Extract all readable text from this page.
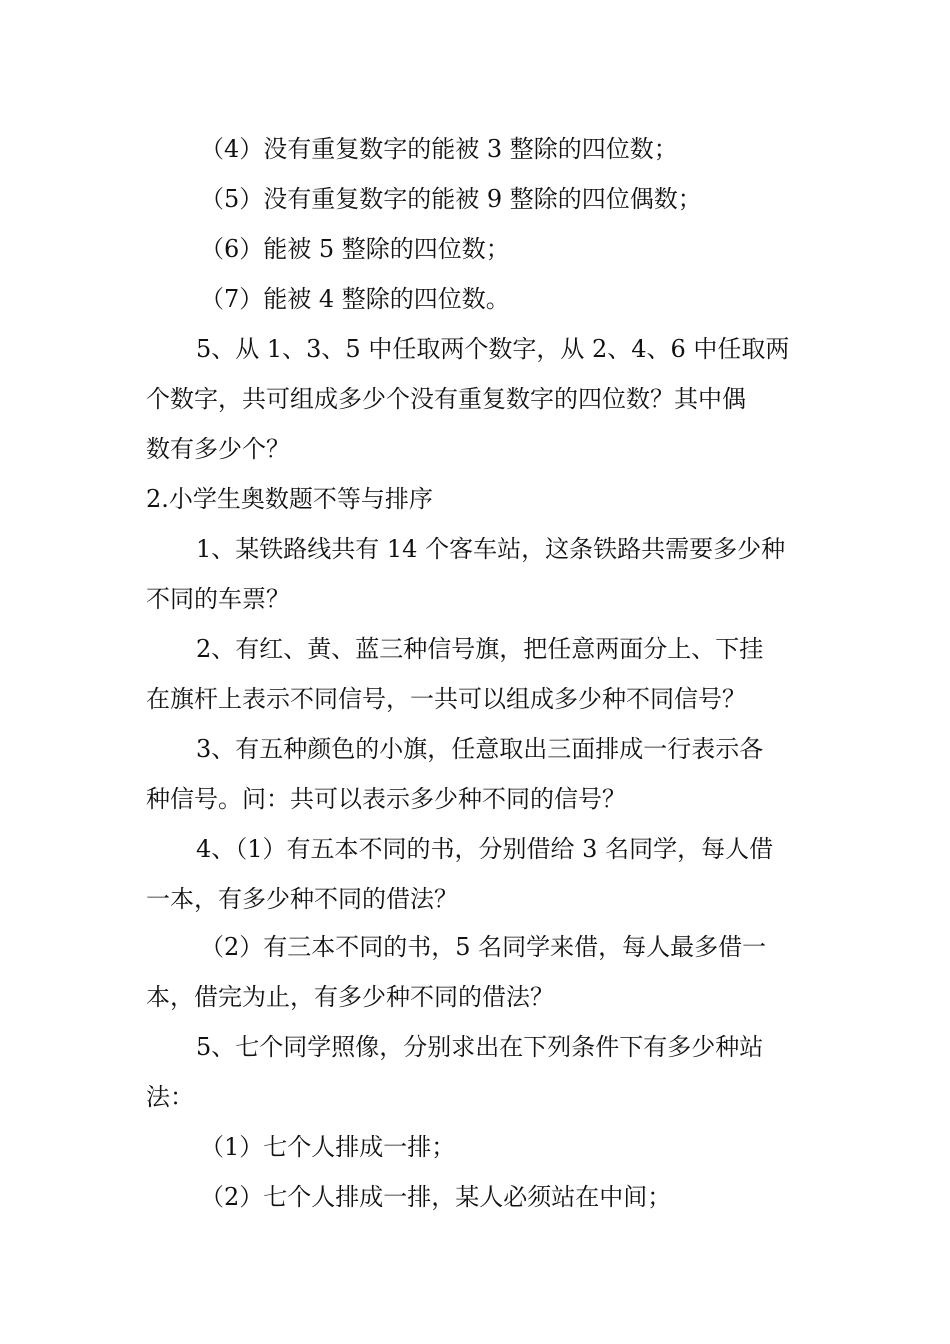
（4）没有重复数字的能被 3 整除的四位数；
（5）没有重复数字的能被 9 整除的四位偶数；
（6）能被 5 整除的四位数；
（7）能被 4 整除的四位数。
5、从 1、3、5 中任取两个数字，从 2、4、6 中任取两
个数字，共可组成多少个没有重复数字的四位数？其中偶
数有多少个？
2.小学生奥数题不等与排序
1、某铁路线共有 14 个客车站，这条铁路共需要多少种
不同的车票？
2、有红、黄、蓝三种信号旗，把任意两面分上、下挂
在旗杆上表示不同信号，一共可以组成多少种不同信号？
3、有五种颜色的小旗，任意取出三面排成一行表示各
种信号。问：共可以表示多少种不同的信号？
4、（1）有五本不同的书，分别借给 3 名同学，每人借
一本，有多少种不同的借法？
（2）有三本不同的书，5 名同学来借，每人最多借一
本，借完为止，有多少种不同的借法？
5、七个同学照像，分别求出在下列条件下有多少种站
法：
（1）七个人排成一排；
（2）七个人排成一排，某人必须站在中间；
